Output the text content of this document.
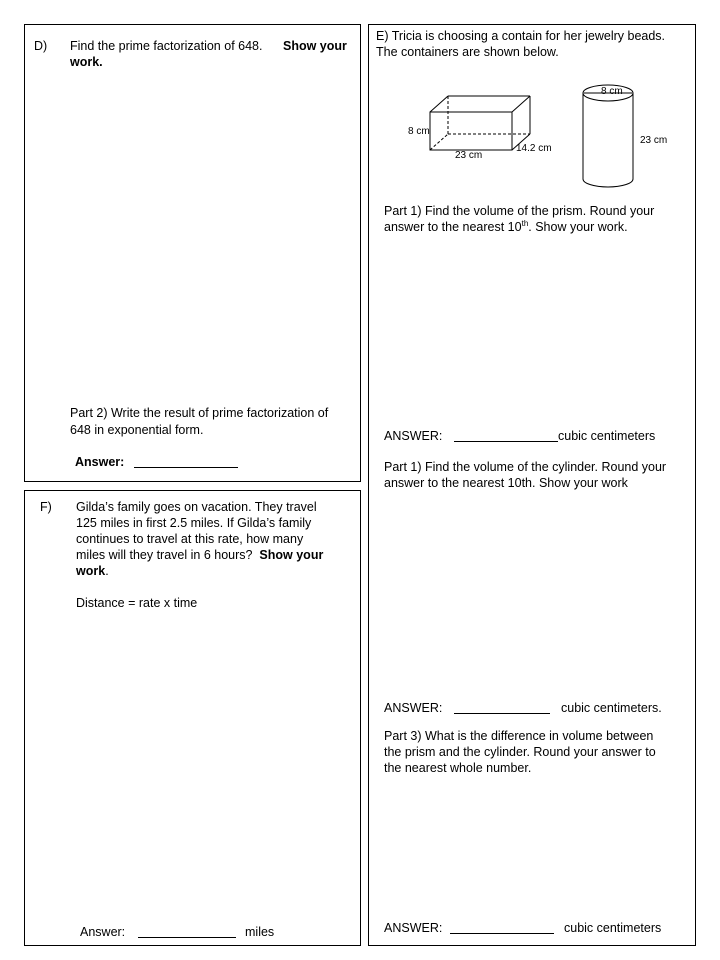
D) Find the prime factorization of 648.	Show your work.
Part 2) Write the result of prime factorization of
648 in exponential form.
Answer:
E) Tricia is choosing a contain for her jewelry beads.
The containers are shown below.
8 cm
23 cm
14.2 cm
8 cm
23 cm
Part 1) Find the volume of the prism. Round your
answer to the nearest 10th. Show your work.
ANSWER:	cubic centimeters
Part 1) Find the volume of the cylinder. Round your
answer to the nearest 10th. Show your work
ANSWER:	cubic centimeters.
Part 3) What is the difference in volume between
the prism and the cylinder. Round your answer to
the nearest whole number.
ANSWER:	cubic centimeters
F) Gilda’s family goes on vacation. They travel
125 miles in first 2.5 miles. If Gilda’s family
continues to travel at this rate, how many
miles will they travel in 6 hours? Show your
work.
Distance = rate x time
Answer:	miles
